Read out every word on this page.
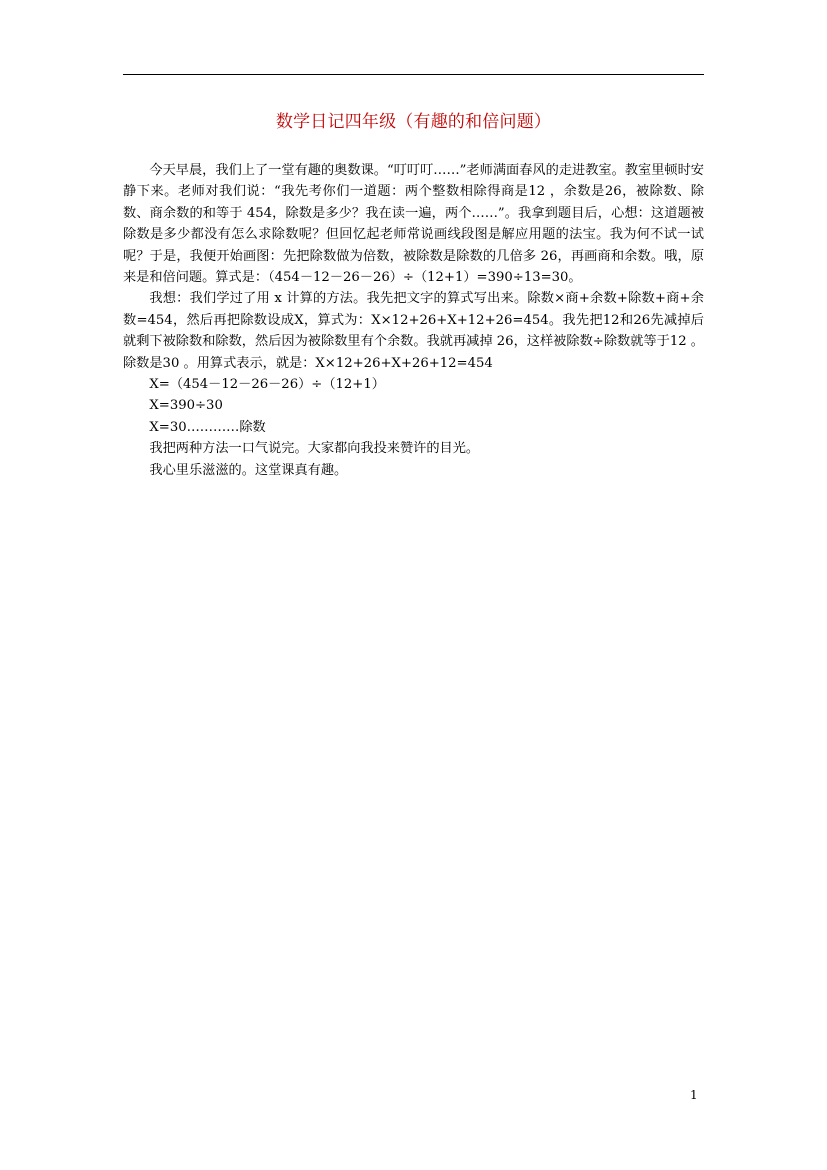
数学日记四年级（有趣的和倍问题）

今天早晨，我们上了一堂有趣的奥数课。“叮叮叮……”老师满面春风的走进教室。教室里顿时安静下来。老师对我们说：“我先考你们一道题：两个整数相除得商是12 ，余数是26，被除数、除数、商余数的和等于 454，除数是多少？我在读一遍，两个……”。我拿到题目后，心想：这道题被除数是多少都没有怎么求除数呢？但回忆起老师常说画线段图是解应用题的法宝。我为何不试一试呢？于是，我便开始画图：先把除数做为倍数，被除数是除数的几倍多 26，再画商和余数。哦，原来是和倍问题。算式是：（454－12－26－26）÷（12+1）=390÷13=30。

我想：我们学过了用 x 计算的方法。我先把文字的算式写出来。除数×商+余数+除数+商+余数=454，然后再把除数设成X，算式为：X×12+26+X+12+26=454。我先把12和26先减掉后就剩下被除数和除数，然后因为被除数里有个余数。我就再减掉 26，这样被除数÷除数就等于12 。除数是30 。用算式表示，就是：X×12+26+X+26+12=454

X=（454－12－26－26）÷（12+1）

X=390÷30

X=30…………除数

我把两种方法一口气说完。大家都向我投来赞许的目光。

我心里乐滋滋的。这堂课真有趣。

1
